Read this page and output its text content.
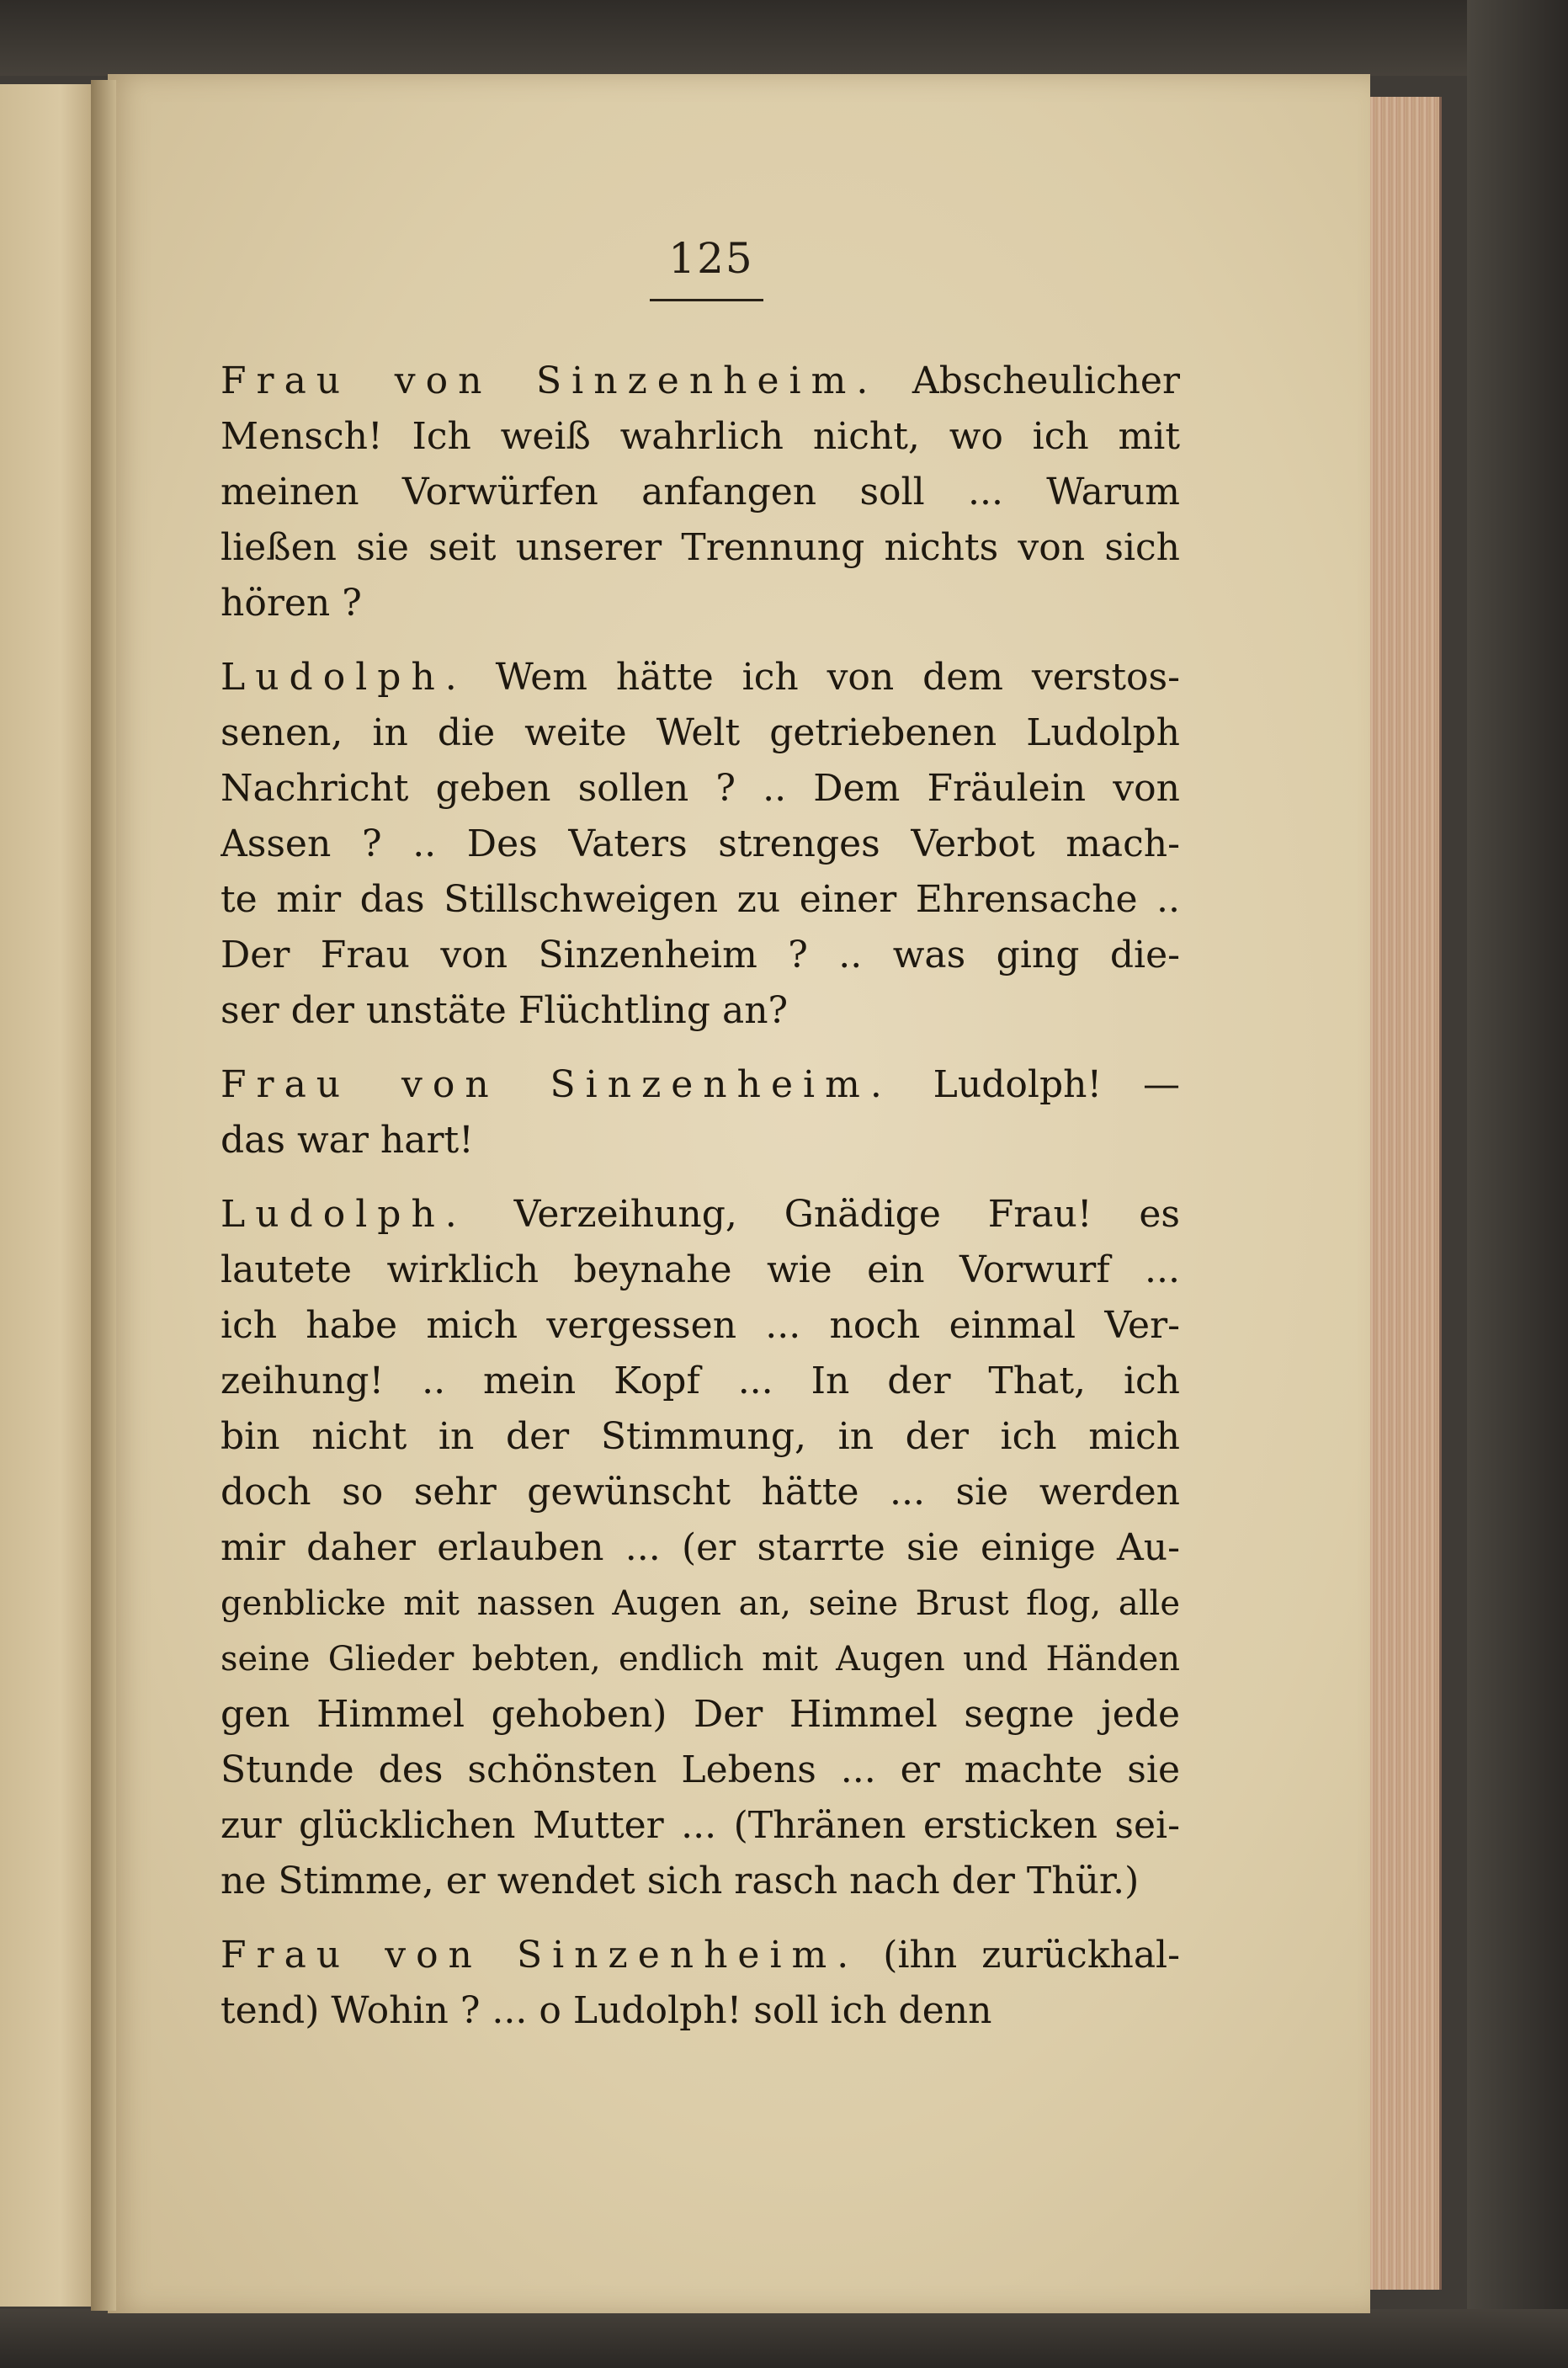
125
Frau von Sinzenheim. Abscheulicher
Mensch! Ich weiß wahrlich nicht, wo ich mit
meinen Vorwürfen anfangen soll ... Warum
ließen sie seit unserer Trennung nichts von sich
hören ?
Ludolph. Wem hätte ich von dem verstos-
senen, in die weite Welt getriebenen Ludolph
Nachricht geben sollen ? .. Dem Fräulein von
Assen ? .. Des Vaters strenges Verbot mach-
te mir das Stillschweigen zu einer Ehrensache ..
Der Frau von Sinzenheim ? .. was ging die-
ser der unstäte Flüchtling an?
Frau von Sinzenheim. Ludolph! —
das war hart!
Ludolph. Verzeihung, Gnädige Frau! es
lautete wirklich beynahe wie ein Vorwurf ...
ich habe mich vergessen ... noch einmal Ver-
zeihung! .. mein Kopf ... In der That, ich
bin nicht in der Stimmung, in der ich mich
doch so sehr gewünscht hätte ... sie werden
mir daher erlauben ... (er starrte sie einige Au-
genblicke mit nassen Augen an, seine Brust flog, alle
seine Glieder bebten, endlich mit Augen und Händen
gen Himmel gehoben) Der Himmel segne jede
Stunde des schönsten Lebens ... er machte sie
zur glücklichen Mutter ... (Thränen ersticken sei-
ne Stimme, er wendet sich rasch nach der Thür.)
Frau von Sinzenheim. (ihn zurückhal-
tend) Wohin ? ... o Ludolph! soll ich denn
